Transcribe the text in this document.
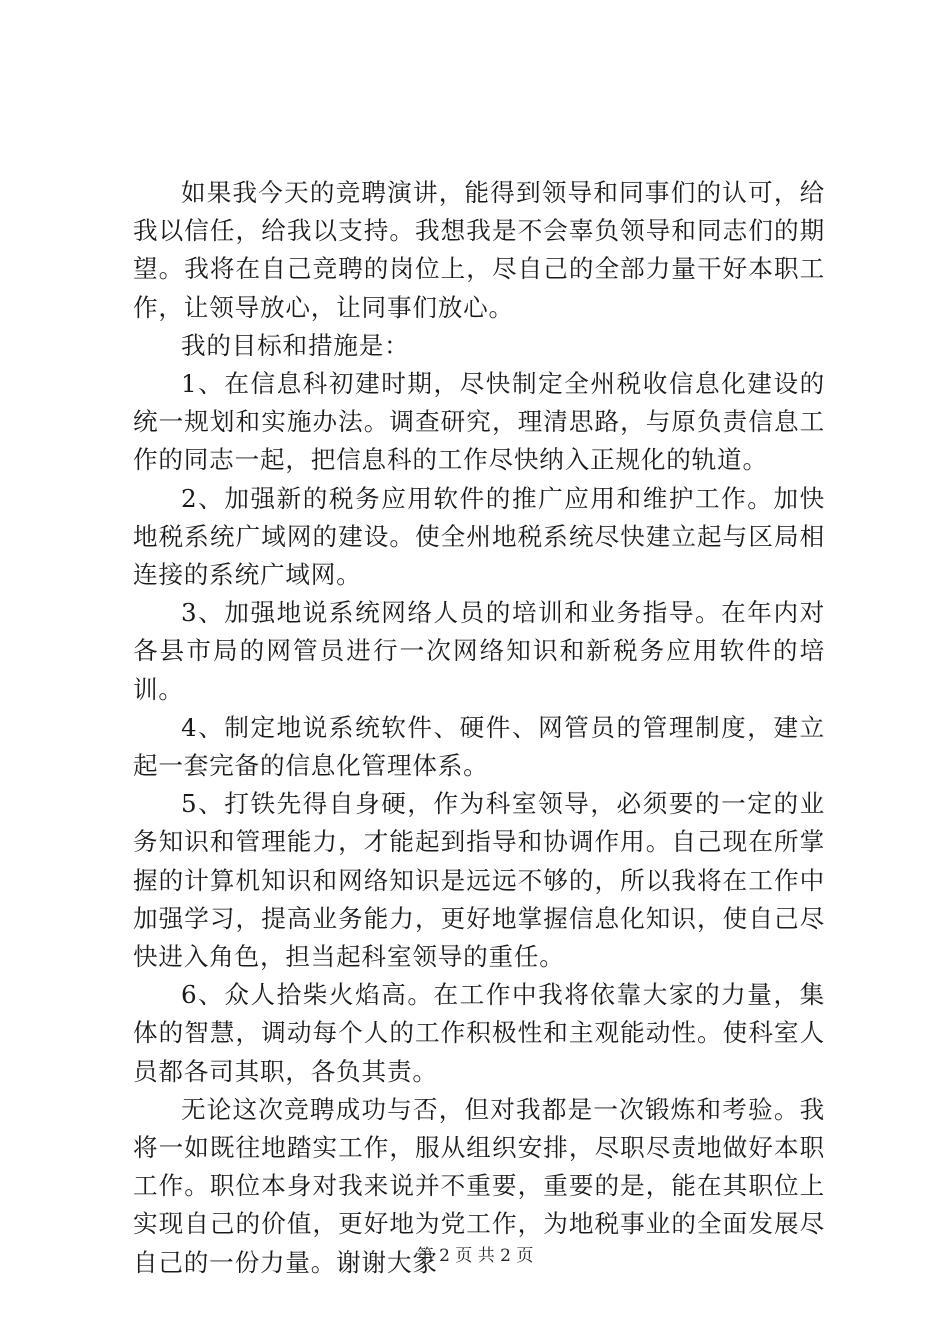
如果我今天的竞聘演讲，能得到领导和同事们的认可，给我以信任，给我以支持。我想我是不会辜负领导和同志们的期望。我将在自己竞聘的岗位上，尽自己的全部力量干好本职工作，让领导放心，让同事们放心。

我的目标和措施是：

1、在信息科初建时期，尽快制定全州税收信息化建设的统一规划和实施办法。调查研究，理清思路，与原负责信息工作的同志一起，把信息科的工作尽快纳入正规化的轨道。

2、加强新的税务应用软件的推广应用和维护工作。加快地税系统广域网的建设。使全州地税系统尽快建立起与区局相连接的系统广域网。

3、加强地说系统网络人员的培训和业务指导。在年内对各县市局的网管员进行一次网络知识和新税务应用软件的培训。

4、制定地说系统软件、硬件、网管员的管理制度，建立起一套完备的信息化管理体系。

5、打铁先得自身硬，作为科室领导，必须要的一定的业务知识和管理能力，才能起到指导和协调作用。自己现在所掌握的计算机知识和网络知识是远远不够的，所以我将在工作中加强学习，提高业务能力，更好地掌握信息化知识，使自己尽快进入角色，担当起科室领导的重任。

6、众人拾柴火焰高。在工作中我将依靠大家的力量，集体的智慧，调动每个人的工作积极性和主观能动性。使科室人员都各司其职，各负其责。

无论这次竞聘成功与否，但对我都是一次锻炼和考验。我将一如既往地踏实工作，服从组织安排，尽职尽责地做好本职工作。职位本身对我来说并不重要，重要的是，能在其职位上实现自己的价值，更好地为党工作，为地税事业的全面发展尽自己的一份力量。谢谢大家

第 2 页 共 2 页
